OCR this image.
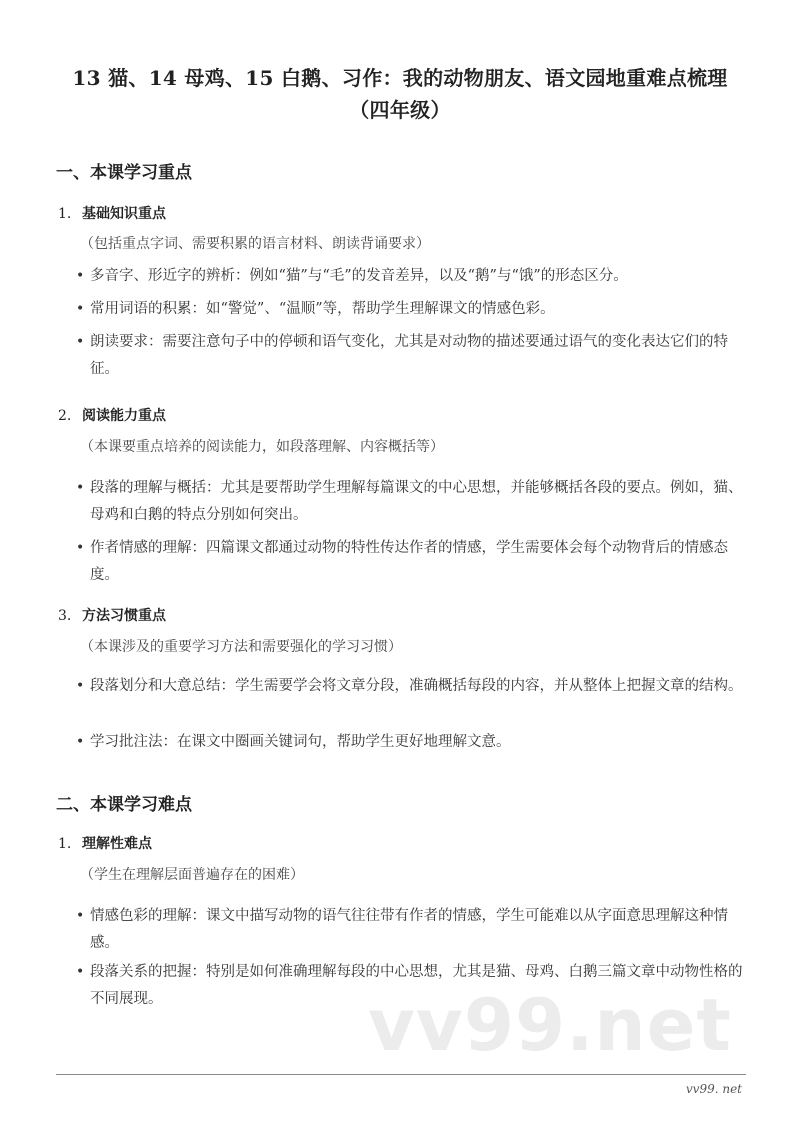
13 猫、14 母鸡、15 白鹅、习作：我的动物朋友、语文园地重难点梳理
（四年级）
一、本课学习重点
1. 基础知识重点
（包括重点字词、需要积累的语言材料、朗读背诵要求）
• 多音字、形近字的辨析：例如“猫”与“毛”的发音差异，以及“鹅”与“饿”的形态区分。
• 常用词语的积累：如“警觉”、“温顺”等，帮助学生理解课文的情感色彩。
• 朗读要求：需要注意句子中的停顿和语气变化，尤其是对动物的描述要通过语气的变化表达它们的特征。
2. 阅读能力重点
（本课要重点培养的阅读能力，如段落理解、内容概括等）
• 段落的理解与概括：尤其是要帮助学生理解每篇课文的中心思想，并能够概括各段的要点。例如，猫、母鸡和白鹅的特点分别如何突出。
• 作者情感的理解：四篇课文都通过动物的特性传达作者的情感，学生需要体会每个动物背后的情感态度。
3. 方法习惯重点
（本课涉及的重要学习方法和需要强化的学习习惯）
• 段落划分和大意总结：学生需要学会将文章分段，准确概括每段的内容，并从整体上把握文章的结构。
• 学习批注法：在课文中圈画关键词句，帮助学生更好地理解文意。
二、本课学习难点
1. 理解性难点
（学生在理解层面普遍存在的困难）
• 情感色彩的理解：课文中描写动物的语气往往带有作者的情感，学生可能难以从字面意思理解这种情感。
• 段落关系的把握：特别是如何准确理解每段的中心思想，尤其是猫、母鸡、白鹅三篇文章中动物性格的不同展现。	vv99.net
vv99. net
